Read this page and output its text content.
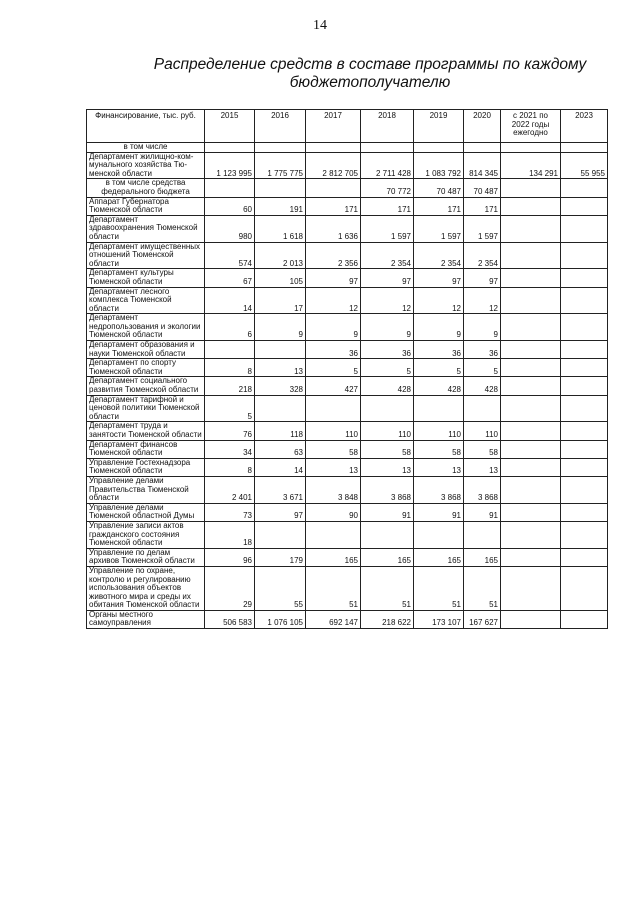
14
Распределение средств в составе программы по каждому
бюджетополучателю
Финансирование, тыс. руб.	2015	2016	2017	2018	2019	2020	с 2021 по 2022 годы ежегодно	2023
в том числе								
Департамент жилищно-ком-мунального хозяйства Тю-менской области	1 123 995	1 775 775	2 812 705	2 711 428	1 083 792	814 345	134 291	55 955
в том числе средства федерального бюджета				70 772	70 487	70 487		
Аппарат Губернатора Тюменской области	60	191	171	171	171	171		
Департамент здравоохранения Тюменской области	980	1 618	1 636	1 597	1 597	1 597		
Департамент имущественных отношений Тюменской области	574	2 013	2 356	2 354	2 354	2 354		
Департамент культуры Тюменской области	67	105	97	97	97	97		
Департамент лесного комплекса Тюменской области	14	17	12	12	12	12		
Департамент недропользования и экологии Тюменской области	6	9	9	9	9	9		
Департамент образования и науки Тюменской области			36	36	36	36		
Департамент по спорту Тюменской области	8	13	5	5	5	5		
Департамент социального развития Тюменской области	218	328	427	428	428	428		
Департамент тарифной и ценовой политики Тюменской области	5							
Департамент труда и занятости Тюменской области	76	118	110	110	110	110		
Департамент финансов Тюменской области	34	63	58	58	58	58		
Управление Гостехнадзора Тюменской области	8	14	13	13	13	13		
Управление делами Правительства Тюменской области	2 401	3 671	3 848	3 868	3 868	3 868		
Управление делами Тюменской областной Думы	73	97	90	91	91	91		
Управление записи актов гражданского состояния Тюменской области	18							
Управление по делам архивов Тюменской области	96	179	165	165	165	165		
Управление по охране, контролю и регулированию использования объектов животного мира и среды их обитания Тюменской области	29	55	51	51	51	51		
Органы местного самоуправления	506 583	1 076 105	692 147	218 622	173 107	167 627		
